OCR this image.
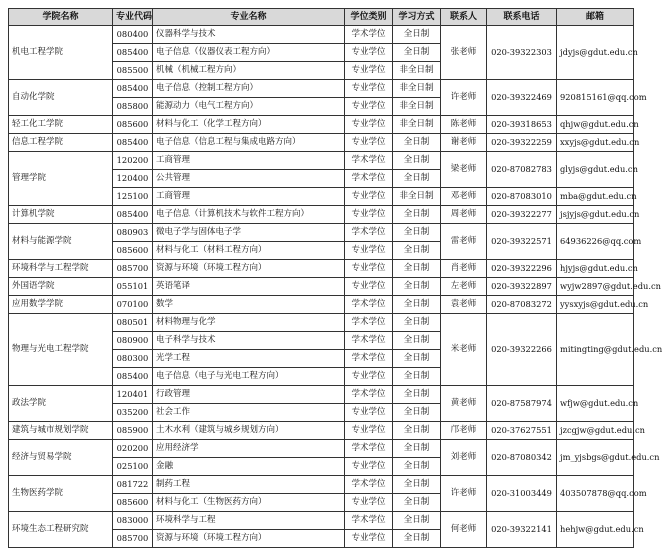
学院名称	专业代码	专业名称	学位类别	学习方式	联系人	联系电话	邮箱
机电工程学院	080400	仪器科学与技术	学术学位	全日制	张老师	020-39322303	jdyjs@gdut.edu.cn
	085400	电子信息（仪器仪表工程方向）	专业学位	全日制			
	085500	机械（机械工程方向）	专业学位	非全日制			
自动化学院	085400	电子信息（控制工程方向）	专业学位	非全日制	许老师	020-39322469	920815161@qq.com
	085800	能源动力（电气工程方向）	专业学位	非全日制			
轻工化工学院	085600	材料与化工（化学工程方向）	专业学位	非全日制	陈老师	020-39318653	qhjw@gdut.edu.cn
信息工程学院	085400	电子信息（信息工程与集成电路方向）	专业学位	全日制	谢老师	020-39322259	xxyjs@gdut.edu.cn
管理学院	120200	工商管理	学术学位	全日制	梁老师	020-87082783	glyjs@gdut.edu.cn
	120400	公共管理	学术学位	全日制			
	125100	工商管理	专业学位	非全日制	邓老师	020-87083010	mba@gdut.edu.cn
计算机学院	085400	电子信息（计算机技术与软件工程方向）	专业学位	全日制	周老师	020-39322277	jsjyjs@gdut.edu.cn
材料与能源学院	080903	微电子学与固体电子学	学术学位	全日制	雷老师	020-39322571	64936226@qq.com
	085600	材料与化工（材料工程方向）	专业学位	全日制			
环境科学与工程学院	085700	资源与环境（环境工程方向）	专业学位	全日制	肖老师	020-39322296	hjyjs@gdut.edu.cn
外国语学院	055101	英语笔译	专业学位	全日制	左老师	020-39322897	wyjw2897@gdut.edu.cn
应用数学学院	070100	数学	学术学位	全日制	袁老师	020-87083272	yysxyjs@gdut.edu.cn
物理与光电工程学院	080501	材料物理与化学	学术学位	全日制	米老师	020-39322266	mitingting@gdut.edu.cn
	080900	电子科学与技术	学术学位	全日制			
	080300	光学工程	学术学位	全日制			
	085400	电子信息（电子与光电工程方向）	专业学位	全日制			
政法学院	120401	行政管理	学术学位	全日制	黄老师	020-87587974	wfjw@gdut.edu.cn
	035200	社会工作	专业学位	全日制			
建筑与城市规划学院	085900	土木水利（建筑与城乡规划方向）	专业学位	全日制	邝老师	020-37627551	jzcgjw@gdut.edu.cn
经济与贸易学院	020200	应用经济学	学术学位	全日制	刘老师	020-87080342	jm_yjsbgs@gdut.edu.cn
	025100	金融	专业学位	全日制			
生物医药学院	081722	制药工程	学术学位	全日制	许老师	020-31003449	403507878@qq.com
	085600	材料与化工（生物医药方向）	专业学位	全日制			
环境生态工程研究院	083000	环境科学与工程	学术学位	全日制	何老师	020-39322141	hehjw@gdut.edu.cn
	085700	资源与环境（环境工程方向）	专业学位	全日制			
